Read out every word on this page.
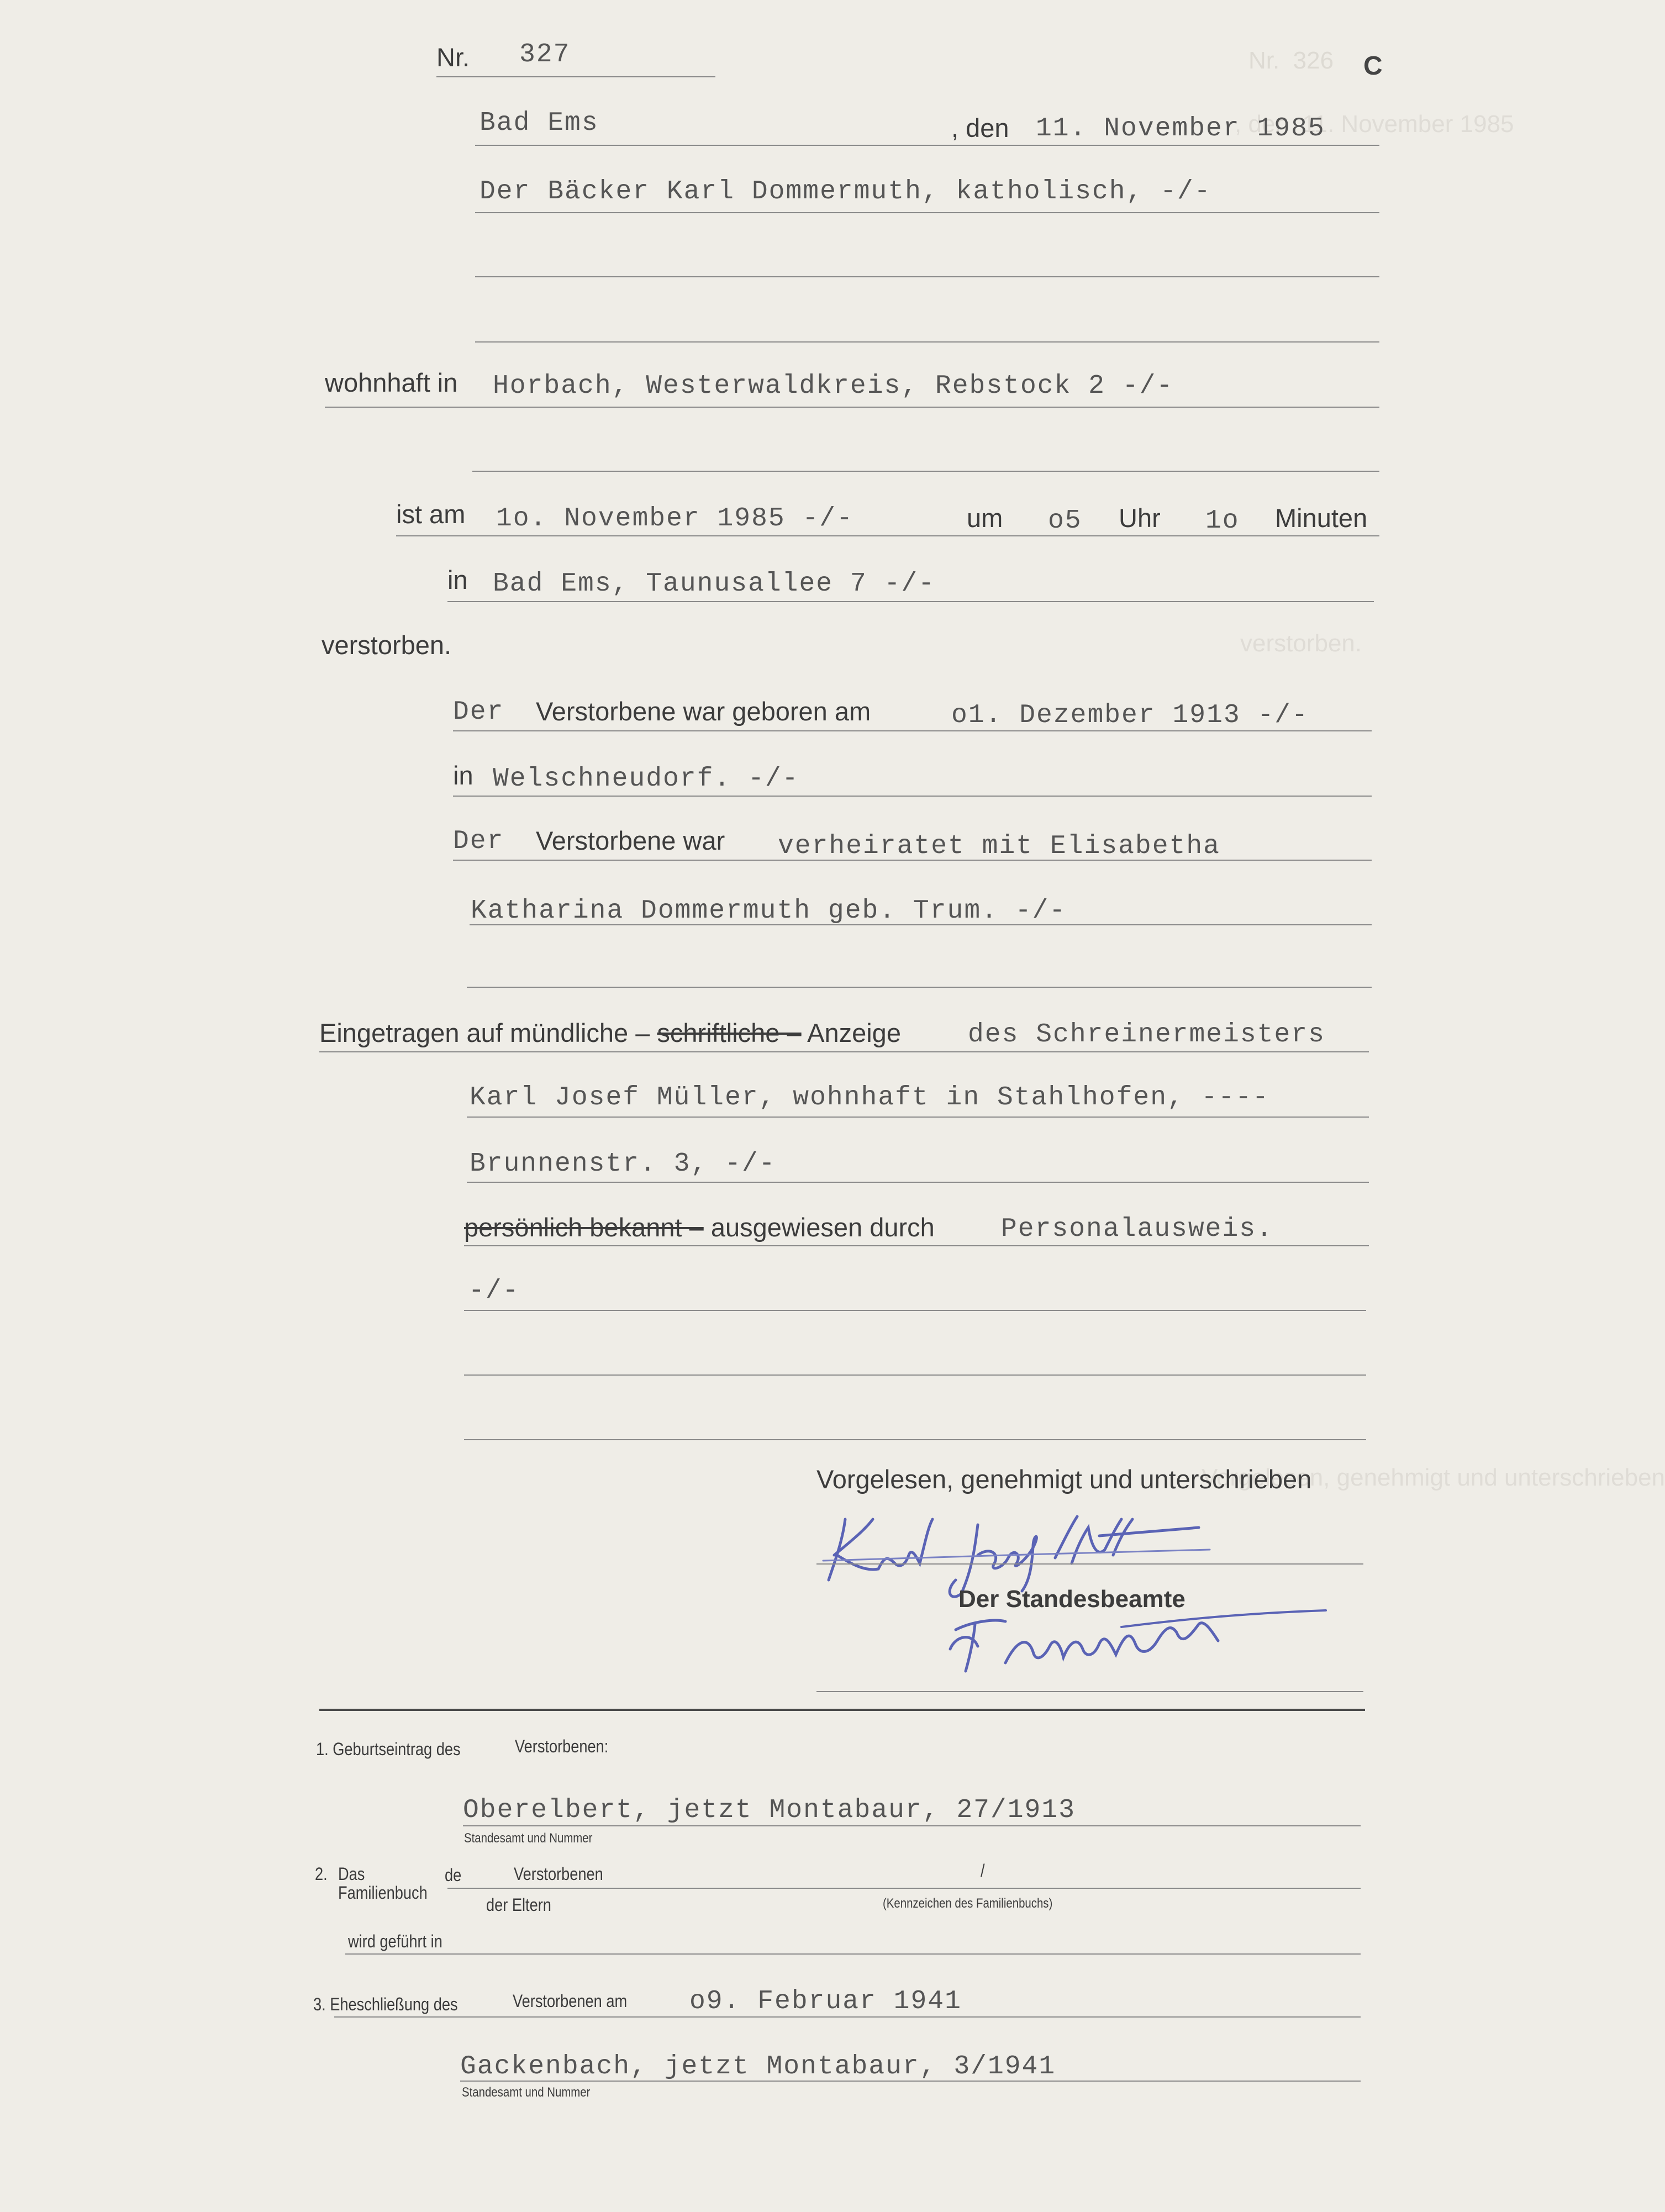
Nr.  326
, den  11. November 1985
verstorben.
Vorgelesen, genehmigt und unterschrieben
C
Nr. 327
Bad Ems	, den 11. November 1985
Der Bäcker Karl Dommermuth, katholisch, -/-
wohnhaft in Horbach, Westerwaldkreis, Rebstock 2 -/-
ist am 1o. November 1985 -/-	um o5 Uhr 1o Minuten
in Bad Ems, Taunusallee 7 -/-
verstorben.
Der Verstorbene war geboren am	o1. Dezember 1913 -/-
in Welschneudorf. -/-
Der Verstorbene war verheiratet mit Elisabetha
Katharina Dommermuth geb. Trum. -/-
Eingetragen auf mündliche – schriftliche – Anzeige	des Schreinermeisters
Karl Josef Müller, wohnhaft in Stahlhofen, ----
Brunnenstr. 3, -/-
persönlich bekannt – ausgewiesen durch	Personalausweis.
-/-
Vorgelesen, genehmigt und unterschrieben
Der Standesbeamte
1. Geburtseintrag des	Verstorbenen:
Oberelbert, jetzt Montabaur, 27/1913
Standesamt und Nummer
2. Das
Familienbuch
de	Verstorbenen	/
der Eltern	(Kennzeichen des Familienbuchs)
wird geführt in
3. Eheschließung des	Verstorbenen am o9. Februar 1941
Gackenbach, jetzt Montabaur, 3/1941
Standesamt und Nummer
